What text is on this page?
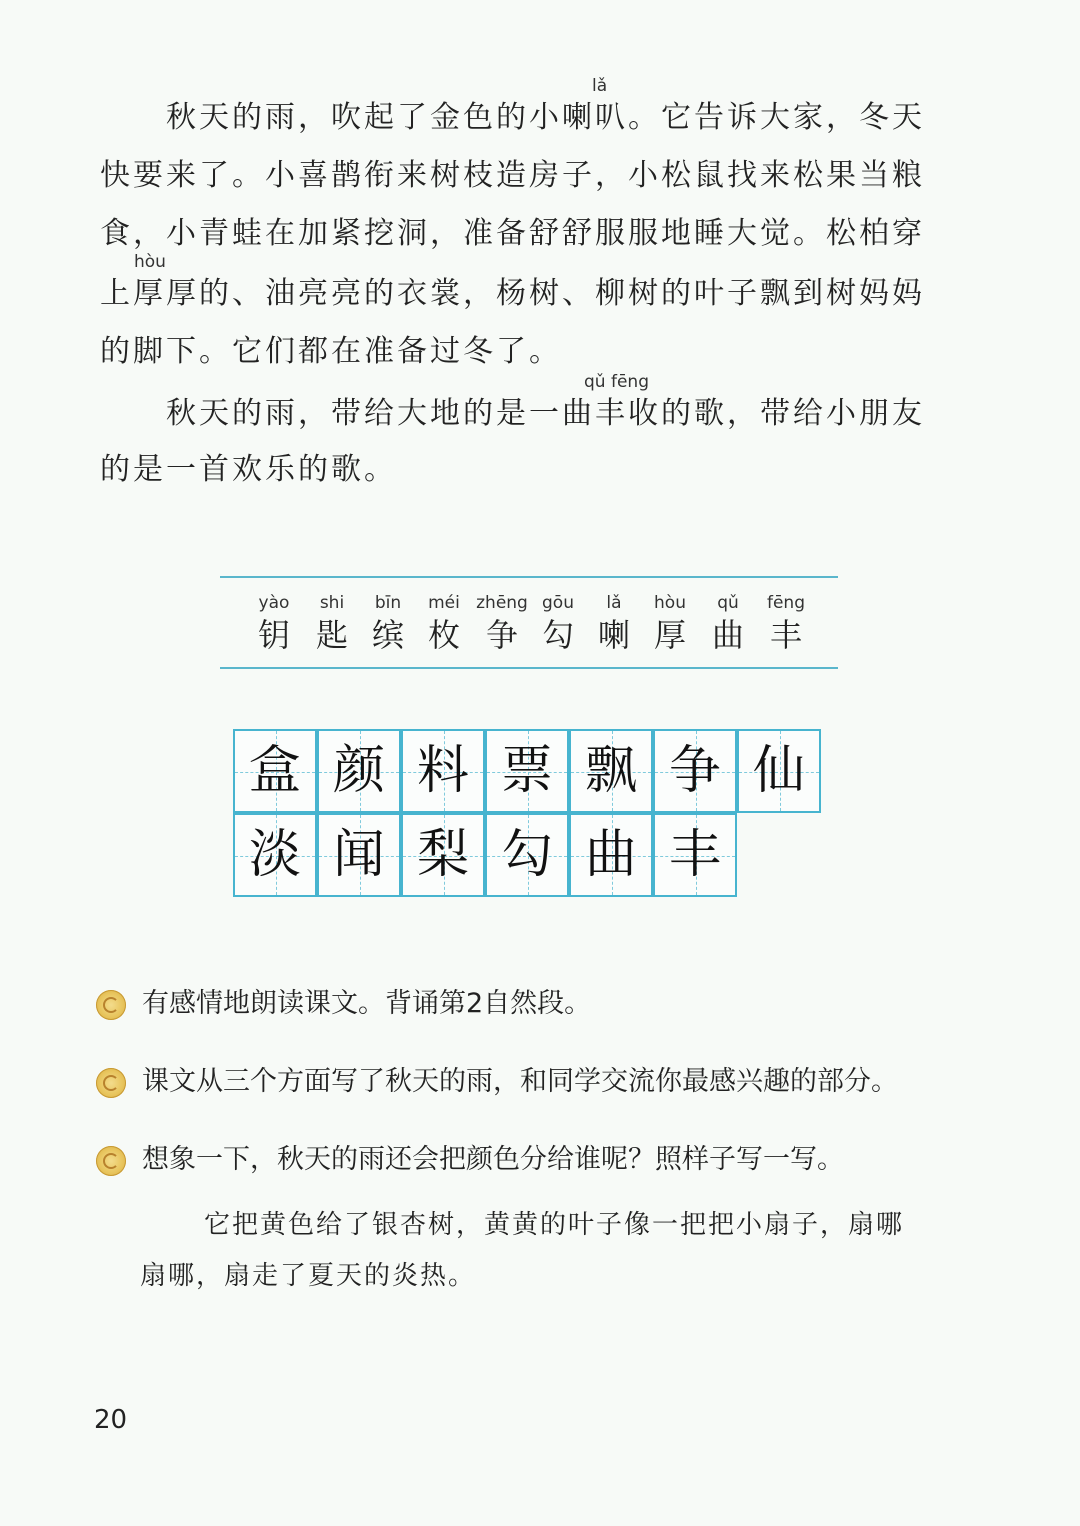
lǎ
秋天的雨，吹起了金色的小喇叭。它告诉大家，冬天
快要来了。小喜鹊衔来树枝造房子，小松鼠找来松果当粮
食，小青蛙在加紧挖洞，准备舒舒服服地睡大觉。松柏穿
hòu
上厚厚的、油亮亮的衣裳，杨树、柳树的叶子飘到树妈妈
的脚下。它们都在准备过冬了。
qǔ fēng
秋天的雨，带给大地的是一曲丰收的歌，带给小朋友
的是一首欢乐的歌。
yào
钥
shi
匙
bīn
缤
méi
枚
zhēng
争
gōu
勾
lǎ
喇
hòu
厚
qǔ
曲
fēng
丰
盒 颜 料 票 飘 争 仙
淡 闻 梨 勾 曲 丰
有感情地朗读课文。背诵第2自然段。
课文从三个方面写了秋天的雨，和同学交流你最感兴趣的部分。
想象一下，秋天的雨还会把颜色分给谁呢？照样子写一写。
它把黄色给了银杏树，黄黄的叶子像一把把小扇子，扇哪
扇哪，扇走了夏天的炎热。
20
